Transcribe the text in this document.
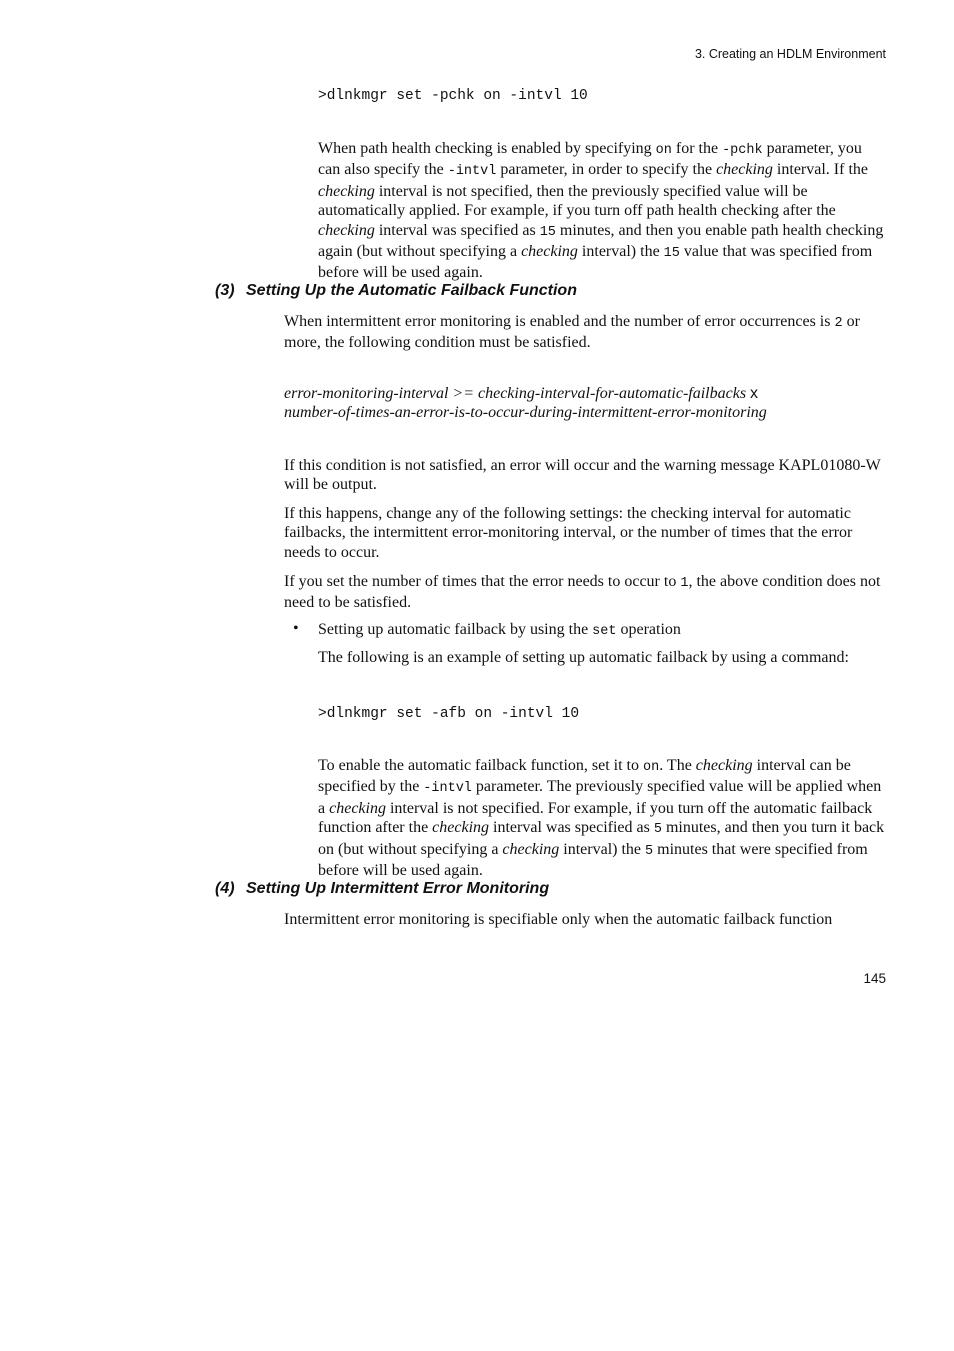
3. Creating an HDLM Environment
>dlnkmgr set -pchk on -intvl 10

When path health checking is enabled by specifying on for the -pchk parameter, you can also specify the -intvl parameter, in order to specify the checking interval. If the checking interval is not specified, then the previously specified value will be automatically applied. For example, if you turn off path health checking after the checking interval was specified as 15 minutes, and then you enable path health checking again (but without specifying a checking interval) the 15 value that was specified from before will be used again.

(3) Setting Up the Automatic Failback Function

When intermittent error monitoring is enabled and the number of error occurrences is 2 or more, the following condition must be satisfied.

error-monitoring-interval >= checking-interval-for-automatic-failbacks x
number-of-times-an-error-is-to-occur-during-intermittent-error-monitoring

If this condition is not satisfied, an error will occur and the warning message KAPL01080-W will be output.

If this happens, change any of the following settings: the checking interval for automatic failbacks, the intermittent error-monitoring interval, or the number of times that the error needs to occur.

If you set the number of times that the error needs to occur to 1, the above condition does not need to be satisfied.

• Setting up automatic failback by using the set operation

The following is an example of setting up automatic failback by using a command:

>dlnkmgr set -afb on -intvl 10

To enable the automatic failback function, set it to on. The checking interval can be specified by the -intvl parameter. The previously specified value will be applied when a checking interval is not specified. For example, if you turn off the automatic failback function after the checking interval was specified as 5 minutes, and then you turn it back on (but without specifying a checking interval) the 5 minutes that were specified from before will be used again.

(4) Setting Up Intermittent Error Monitoring

Intermittent error monitoring is specifiable only when the automatic failback function

145
